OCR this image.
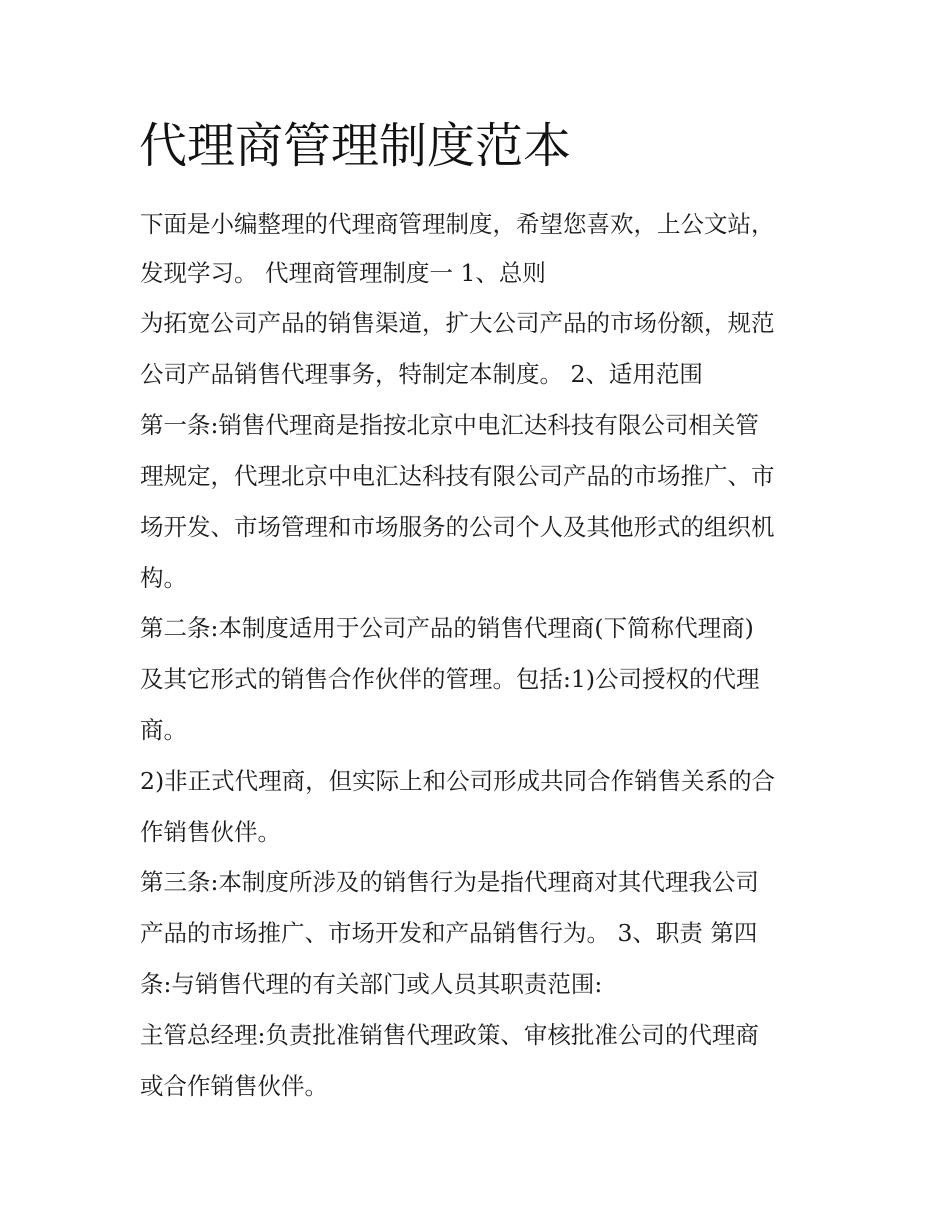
代理商管理制度范本

下面是小编整理的代理商管理制度，希望您喜欢，上公文站，

发现学习。 代理商管理制度一 1、总则

为拓宽公司产品的销售渠道，扩大公司产品的市场份额，规范

公司产品销售代理事务，特制定本制度。 2、适用范围

第一条:销售代理商是指按北京中电汇达科技有限公司相关管

理规定，代理北京中电汇达科技有限公司产品的市场推广、市

场开发、市场管理和市场服务的公司个人及其他形式的组织机

构。

第二条:本制度适用于公司产品的销售代理商(下简称代理商)

及其它形式的销售合作伙伴的管理。包括:1)公司授权的代理

商。

2)非正式代理商，但实际上和公司形成共同合作销售关系的合

作销售伙伴。

第三条:本制度所涉及的销售行为是指代理商对其代理我公司

产品的市场推广、市场开发和产品销售行为。 3、职责 第四

条:与销售代理的有关部门或人员其职责范围:

主管总经理:负责批准销售代理政策、审核批准公司的代理商

或合作销售伙伴。
